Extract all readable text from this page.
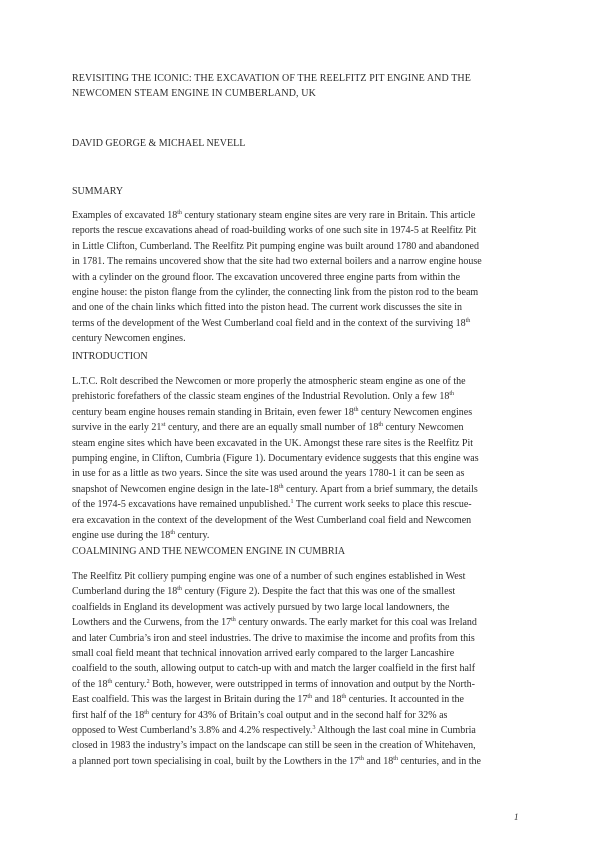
REVISITING THE ICONIC: THE EXCAVATION OF THE REELFITZ PIT ENGINE AND THE
NEWCOMEN STEAM ENGINE IN CUMBERLAND, UK
DAVID GEORGE & MICHAEL NEVELL
SUMMARY
Examples of excavated 18th century stationary steam engine sites are very rare in Britain. This article
reports the rescue excavations ahead of road-building works of one such site in 1974-5 at Reelfitz Pit
in Little Clifton, Cumberland. The Reelfitz Pit pumping engine was built around 1780 and abandoned
in 1781. The remains uncovered show that the site had two external boilers and a narrow engine house
with a cylinder on the ground floor. The excavation uncovered three engine parts from within the
engine house: the piston flange from the cylinder, the connecting link from the piston rod to the beam
and one of the chain links which fitted into the piston head. The current work discusses the site in
terms of the development of the West Cumberland coal field and in the context of the surviving 18th
century Newcomen engines.
INTRODUCTION
L.T.C. Rolt described the Newcomen or more properly the atmospheric steam engine as one of the
prehistoric forefathers of the classic steam engines of the Industrial Revolution. Only a few 18th
century beam engine houses remain standing in Britain, even fewer 18th century Newcomen engines
survive in the early 21st century, and there are an equally small number of 18th century Newcomen
steam engine sites which have been excavated in the UK. Amongst these rare sites is the Reelfitz Pit
pumping engine, in Clifton, Cumbria (Figure 1). Documentary evidence suggests that this engine was
in use for as a little as two years. Since the site was used around the years 1780-1 it can be seen as
snapshot of Newcomen engine design in the late-18th century. Apart from a brief summary, the details
of the 1974-5 excavations have remained unpublished.$^1$ The current work seeks to place this rescue-
era excavation in the context of the development of the West Cumberland coal field and Newcomen
engine use during the 18th century.
COALMINING AND THE NEWCOMEN ENGINE IN CUMBRIA
The Reelfitz Pit colliery pumping engine was one of a number of such engines established in West
Cumberland during the 18th century (Figure 2). Despite the fact that this was one of the smallest
coalfields in England its development was actively pursued by two large local landowners, the
Lowthers and the Curwens, from the 17th century onwards. The early market for this coal was Ireland
and later Cumbria’s iron and steel industries. The drive to maximise the income and profits from this
small coal field meant that technical innovation arrived early compared to the larger Lancashire
coalfield to the south, allowing output to catch-up with and match the larger coalfield in the first half
of the 18th century.$^2$ Both, however, were outstripped in terms of innovation and output by the North-
East coalfield. This was the largest in Britain during the 17th and 18th centuries. It accounted in the
first half of the 18th century for 43% of Britain’s coal output and in the second half for 32% as
opposed to West Cumberland’s 3.8% and 4.2% respectively.$^3$ Although the last coal mine in Cumbria
closed in 1983 the industry’s impact on the landscape can still be seen in the creation of Whitehaven,
a planned port town specialising in coal, built by the Lowthers in the 17th and 18th centuries, and in the
1
